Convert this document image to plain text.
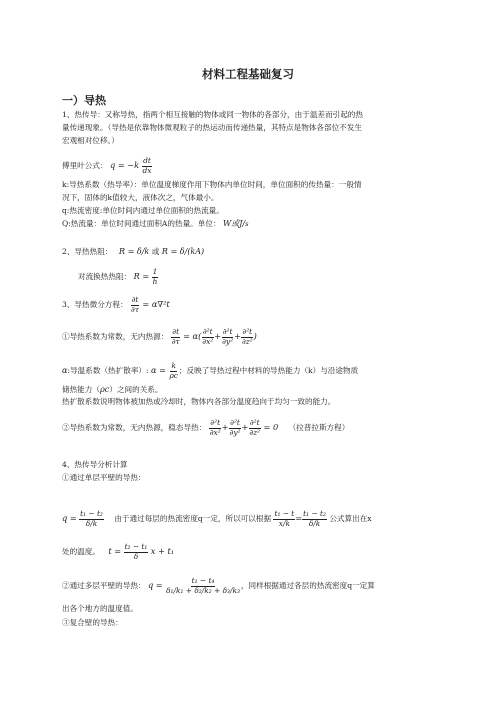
材料工程基础复习
一）导热
1、热传导：又称导热，指两个相互接触的物体或同一物体的各部分，由于温差而引起的热
量传递现象。（导热是依靠物体微观粒子的热运动而传递热量，其特点是物体各部位不发生
宏观相对位移。）
傅里叶公式： $q = -k \frac{dt}{dx}$
k:导热系数（热导率）：单位温度梯度作用下物体内单位时间，单位面积的传热量：一般情
况下，固体的k值较大，液体次之，气体最小。
q:热流密度:单位时间内通过单位面积的热流量。
Q:热流量：单位时间通过面积A的热量。单位： W或J/s
2、导热热阻： R = δ/k 或 R = δ/(kA)
对流换热热阻： $R = \frac{1}{h}$
3、导热微分方程： $\frac{\partial t}{\partial\tau} = \alpha\nabla^2t$
①导热系数为常数，无内热源： $\frac{\partial t}{\partial\tau} = \alpha( \frac{\text{∂²t}}{\text{∂x²}} + \frac{\text{∂²t}}{\text{∂y²}} + \frac{\text{∂²t}}{\text{∂z²}}$ )
α:导温系数（热扩散率）: $\alpha = \frac{k}{\rho c}$ ；反映了导热过程中材料的导热能力（k）与沿途物质
储热能力（ρc）之间的关系。
热扩散系数说明物体被加热或冷却时，物体内各部分温度趋向于均匀一致的能力。
②导热系数为常数，无内热源，稳态导热： $\frac{\text{∂²t}}{\text{∂x²}} + \frac{\text{∂²t}}{\text{∂y²}} + \frac{\text{∂²t}}{\text{∂z²}} = 0$ （拉普拉斯方程）
4、热传导分析计算
①通过单层平壁的导热：
$q = \frac{\text{t₁ − t₂}}{\delta/k}$ 由于通过每层的热流密度q一定，所以可以根据 $\frac{\text{t₁ − t}}{x/k} = \frac{\text{t₁ − t₂}}{\delta/k}$ 公式算出在x
处的温度。 $t = \frac{\text{t₂ − t₁}}{\delta}$ x + t₁
②通过多层平壁的导热： $q = \frac{\text{t₁ − t₄}}{\text{δ₁/k₁ + δ₂/k₂ + δ₃/k₃}}$ ，同样根据通过各层的热流密度q一定算
出各个地方的温度值。
③复合壁的导热：
